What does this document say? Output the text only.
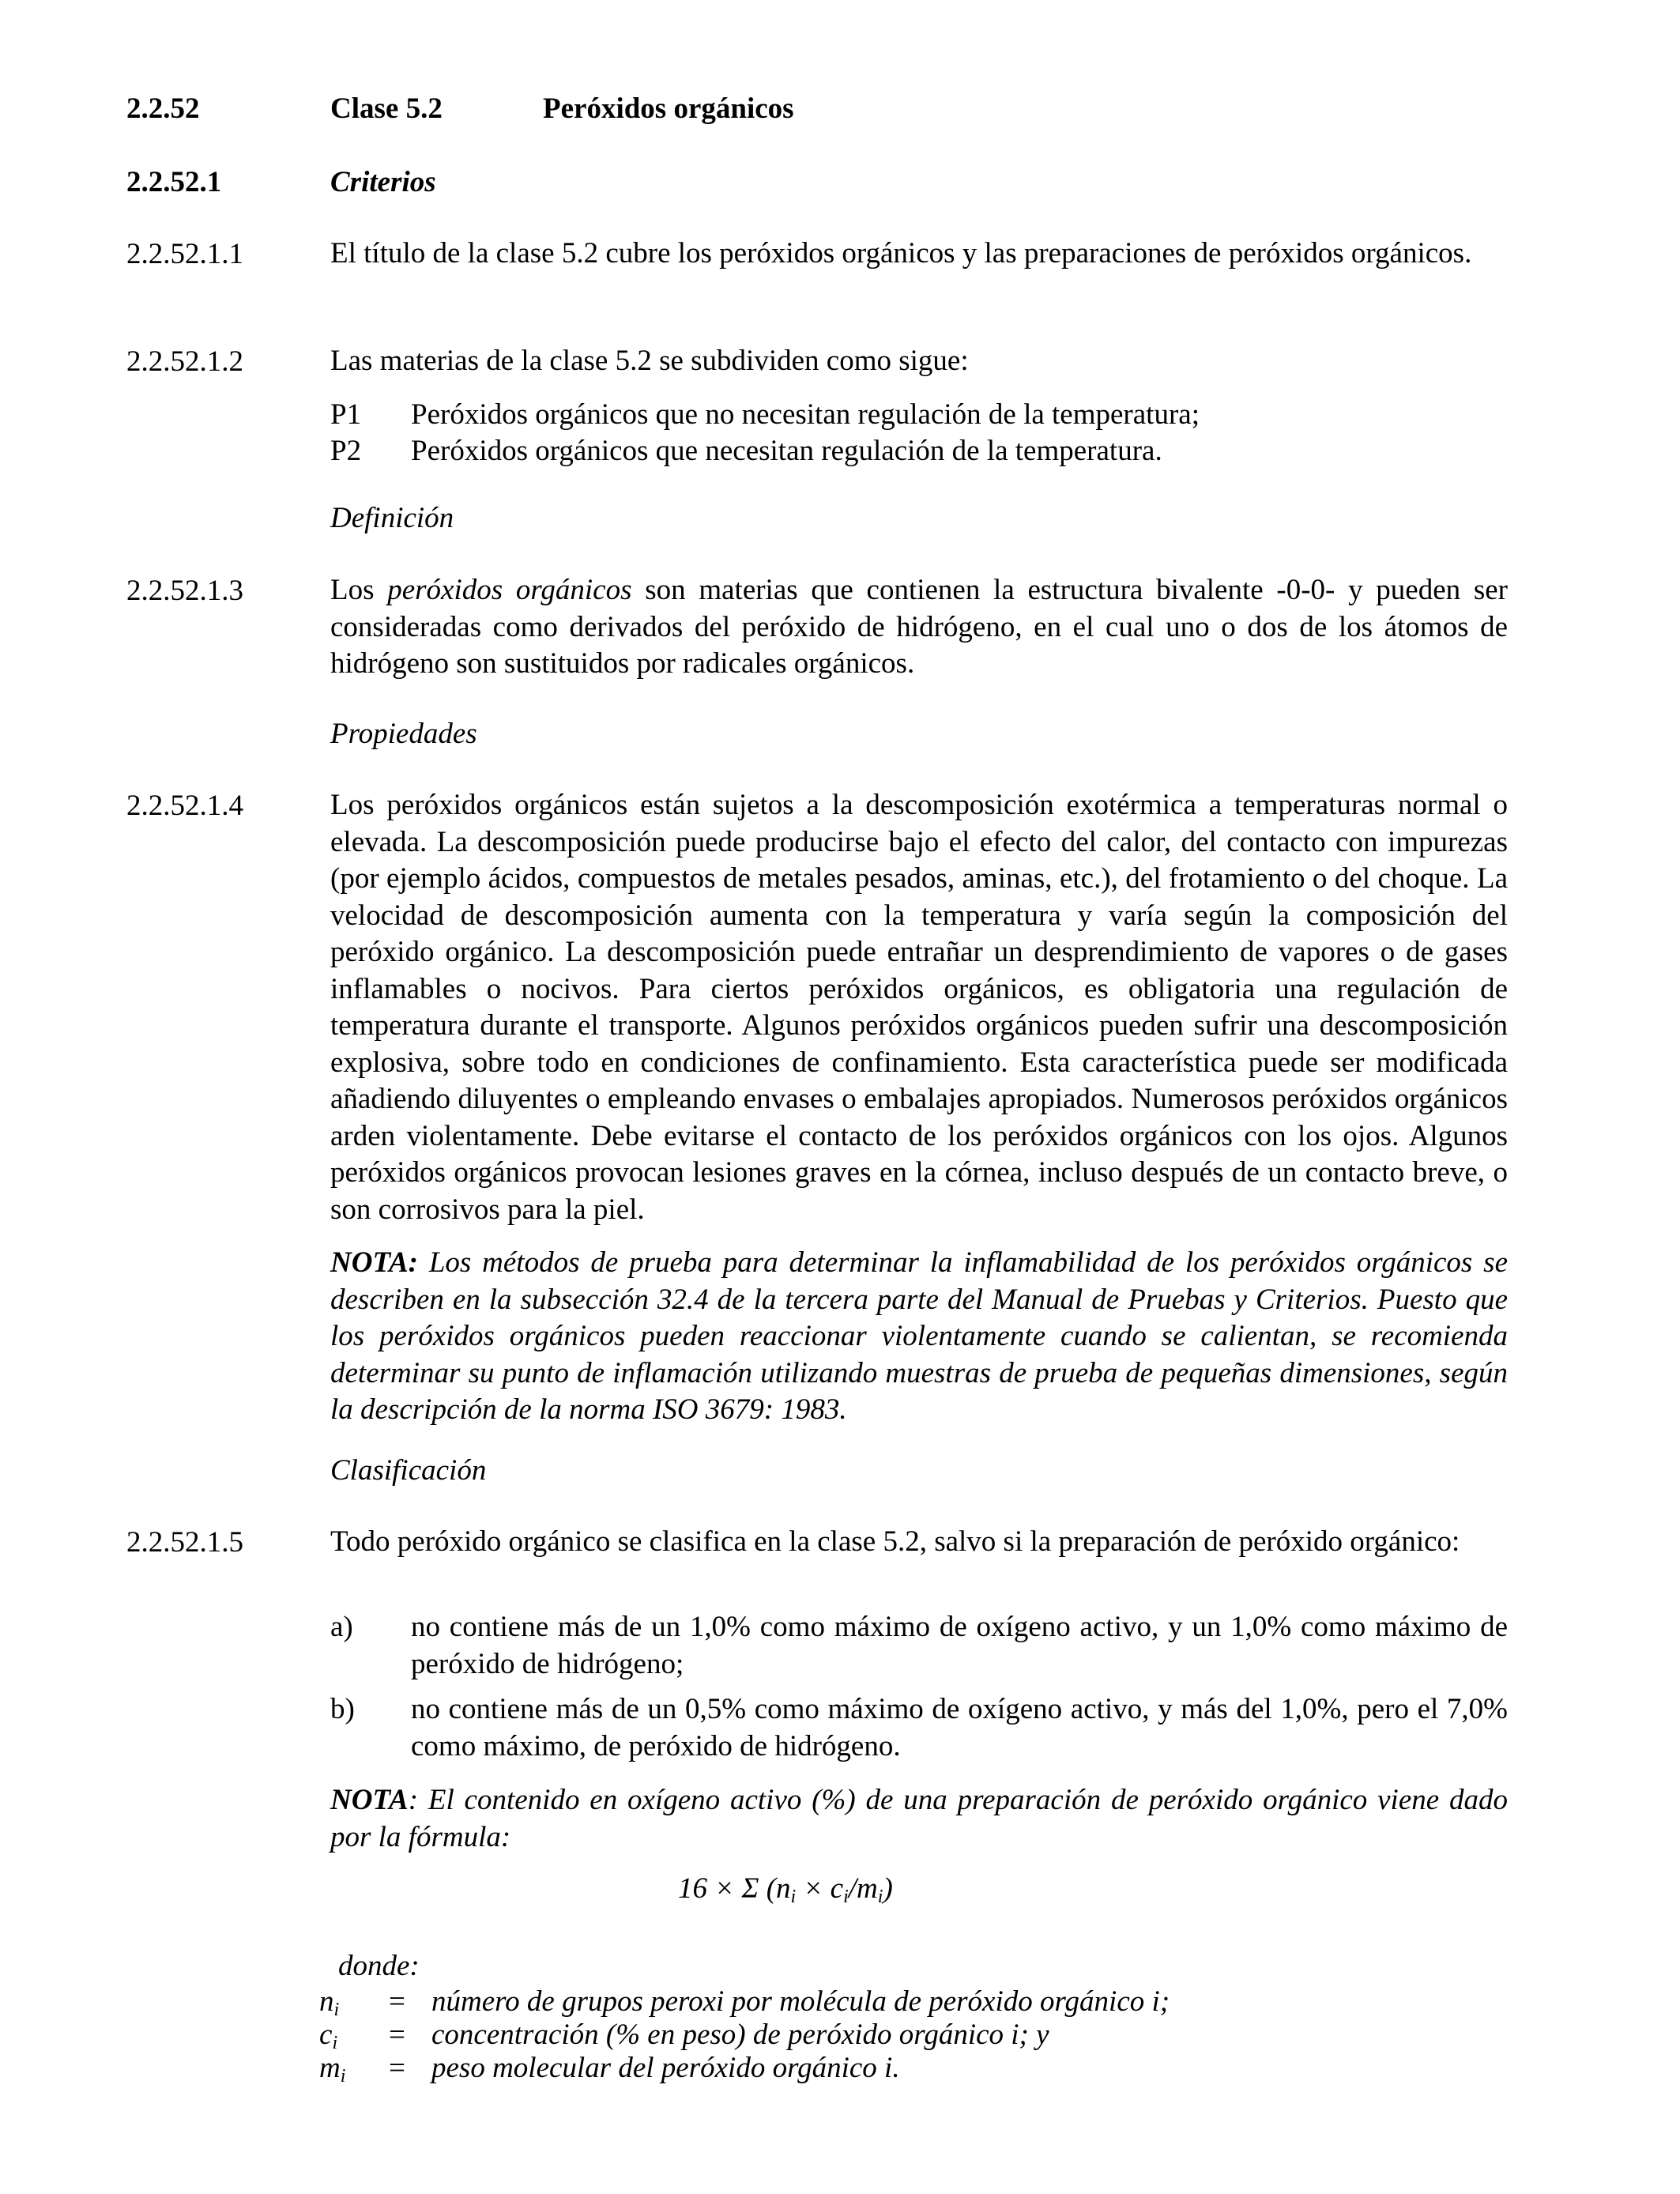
2.2.52	Clase 5.2	Peróxidos orgánicos
2.2.52.1	Criterios
2.2.52.1.1	El título de la clase 5.2 cubre los peróxidos orgánicos y las preparaciones de peróxidos orgánicos.
2.2.52.1.2	Las materias de la clase 5.2 se subdividen como sigue:
P1 Peróxidos orgánicos que no necesitan regulación de la temperatura;
P2 Peróxidos orgánicos que necesitan regulación de la temperatura.
Definición
2.2.52.1.3	Los peróxidos orgánicos son materias que contienen la estructura bivalente -0-0- y pueden ser consideradas como derivados del peróxido de hidrógeno, en el cual uno o dos de los átomos de hidrógeno son sustituidos por radicales orgánicos.
Propiedades
2.2.52.1.4	Los peróxidos orgánicos están sujetos a la descomposición exotérmica a temperaturas normal o elevada. La descomposición puede producirse bajo el efecto del calor, del contacto con impurezas (por ejemplo ácidos, compuestos de metales pesados, aminas, etc.), del frotamiento o del choque. La velocidad de descomposición aumenta con la temperatura y varía según la composición del peróxido orgánico. La descomposición puede entrañar un desprendimiento de vapores o de gases inflamables o nocivos. Para ciertos peróxidos orgánicos, es obligatoria una regulación de temperatura durante el transporte. Algunos peróxidos orgánicos pueden sufrir una descomposición explosiva, sobre todo en condiciones de confinamiento. Esta característica puede ser modificada añadiendo diluyentes o empleando envases o embalajes apropiados. Numerosos peróxidos orgánicos arden violentamente. Debe evitarse el contacto de los peróxidos orgánicos con los ojos. Algunos peróxidos orgánicos provocan lesiones graves en la córnea, incluso después de un contacto breve, o son corrosivos para la piel.
NOTA: Los métodos de prueba para determinar la inflamabilidad de los peróxidos orgánicos se describen en la subsección 32.4 de la tercera parte del Manual de Pruebas y Criterios. Puesto que los peróxidos orgánicos pueden reaccionar violentamente cuando se calientan, se recomienda determinar su punto de inflamación utilizando muestras de prueba de pequeñas dimensiones, según la descripción de la norma ISO 3679: 1983.
Clasificación
2.2.52.1.5	Todo peróxido orgánico se clasifica en la clase 5.2, salvo si la preparación de peróxido orgánico:
a) no contiene más de un 1,0% como máximo de oxígeno activo, y un 1,0% como máximo de peróxido de hidrógeno;
b) no contiene más de un 0,5% como máximo de oxígeno activo, y más del 1,0%, pero el 7,0% como máximo, de peróxido de hidrógeno.
NOTA: El contenido en oxígeno activo (%) de una preparación de peróxido orgánico viene dado por la fórmula:
16 × Σ $(n_i \times c_i/m_i)$
donde:
$n_i$ = número de grupos peroxi por molécula de peróxido orgánico i;
$c_i$ = concentración (% en peso) de peróxido orgánico i; y
$m_i$ = peso molecular del peróxido orgánico i.
